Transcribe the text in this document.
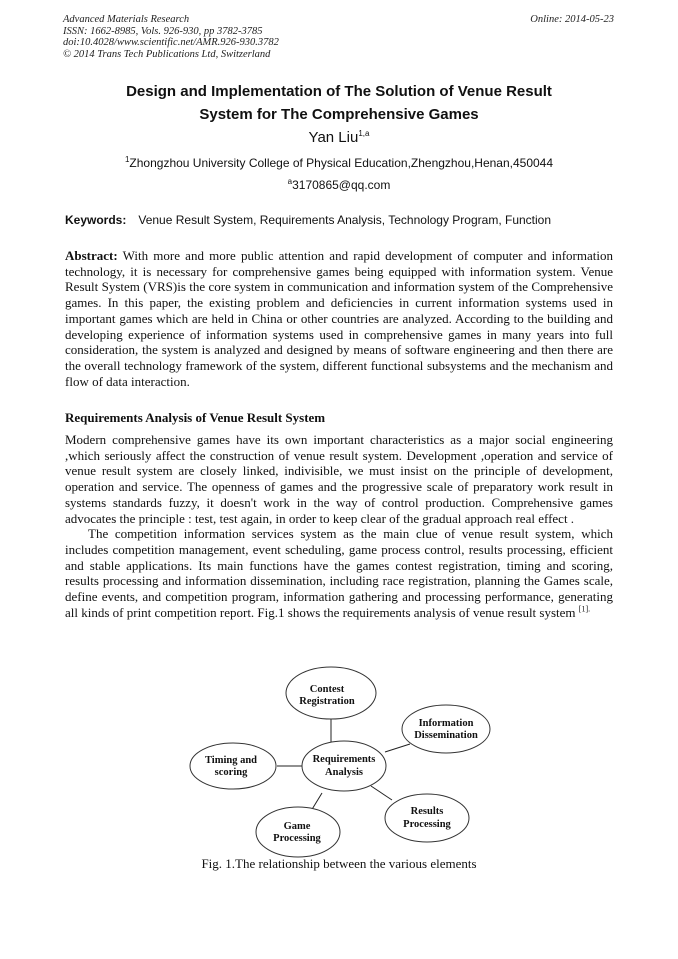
Advanced Materials Research
ISSN: 1662-8985, Vols. 926-930, pp 3782-3785
doi:10.4028/www.scientific.net/AMR.926-930.3782
© 2014 Trans Tech Publications Ltd, Switzerland
Online: 2014-05-23
Design and Implementation of The Solution of Venue Result
System for The Comprehensive Games
Yan Liu$^{1,a}$
$^1$Zhongzhou University College of Physical Education,Zhengzhou,Henan,450044
$^a$3170865@qq.com
Keywords: Venue Result System, Requirements Analysis, Technology Program, Function
Abstract: With more and more public attention and rapid development of computer and information technology, it is necessary for comprehensive games being equipped with information system. Venue Result System (VRS)is the core system in communication and information system of the Comprehensive games. In this paper, the existing problem and deficiencies in current information systems used in important games which are held in China or other countries are analyzed. According to the building and developing experience of information systems used in comprehensive games in many years into full consideration, the system is analyzed and designed by means of software engineering and then there are the overall technology framework of the system, different functional subsystems and the mechanism and flow of data interaction.
Requirements Analysis of Venue Result System

Modern comprehensive games have its own important characteristics as a major social engineering ,which seriously affect the construction of venue result system. Development ,operation and service of venue result system are closely linked, indivisible, we must insist on the principle of development, operation and service. The openness of games and the progressive scale of preparatory work result in systems standards fuzzy, it doesn't work in the way of control production. Comprehensive games advocates the principle : test, test again, in order to keep clear of the gradual approach real effect .

The competition information services system as the main clue of venue result system, which includes competition management, event scheduling, game process control, results processing, efficient and stable applications. Its main functions have the games contest registration, timing and scoring, results processing and information dissemination, including race registration, planning the Games scale, define events, and competition program, information gathering and processing performance, generating all kinds of print competition report. Fig.1 shows the requirements analysis of venue result system $^{[1].}$

Requirements
Analysis
Contest
Registration
Information
Dissemination
Timing and
scoring
Results
Processing
Game
Processing
Fig. 1.The relationship between the various elements
